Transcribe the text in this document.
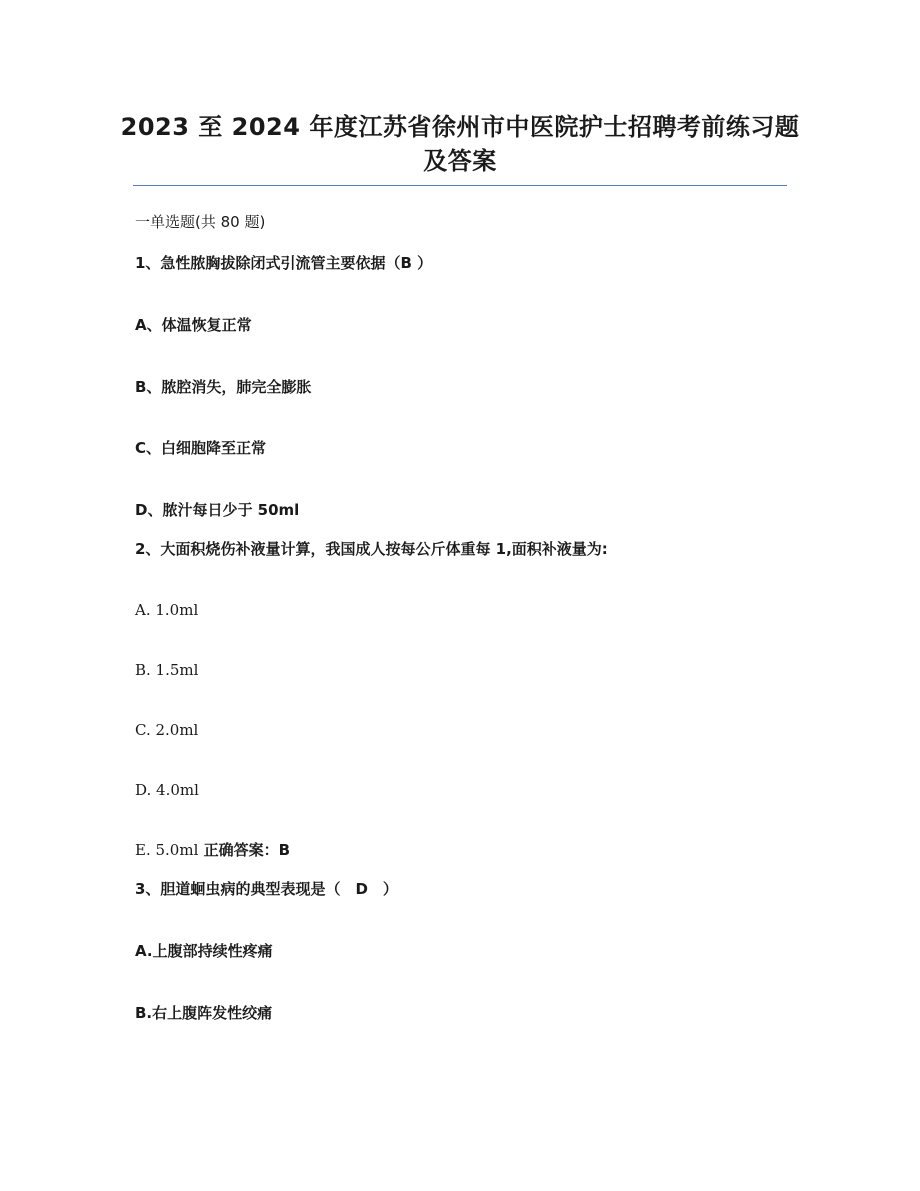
2023 至 2024 年度江苏省徐州市中医院护士招聘考前练习题
及答案
一单选题(共 80 题)
1、急性脓胸拔除闭式引流管主要依据（B ）
A、体温恢复正常
B、脓腔消失，肺完全膨胀
C、白细胞降至正常
D、脓汁每日少于 50ml
2、大面积烧伤补液量计算，我国成人按每公斤体重每 1,面积补液量为:
A. 1.0ml
B. 1.5ml
C. 2.0ml
D. 4.0ml
E. 5.0ml 正确答案：B
3、胆道蛔虫病的典型表现是（　D　）
A.上腹部持续性疼痛
B.右上腹阵发性绞痛
